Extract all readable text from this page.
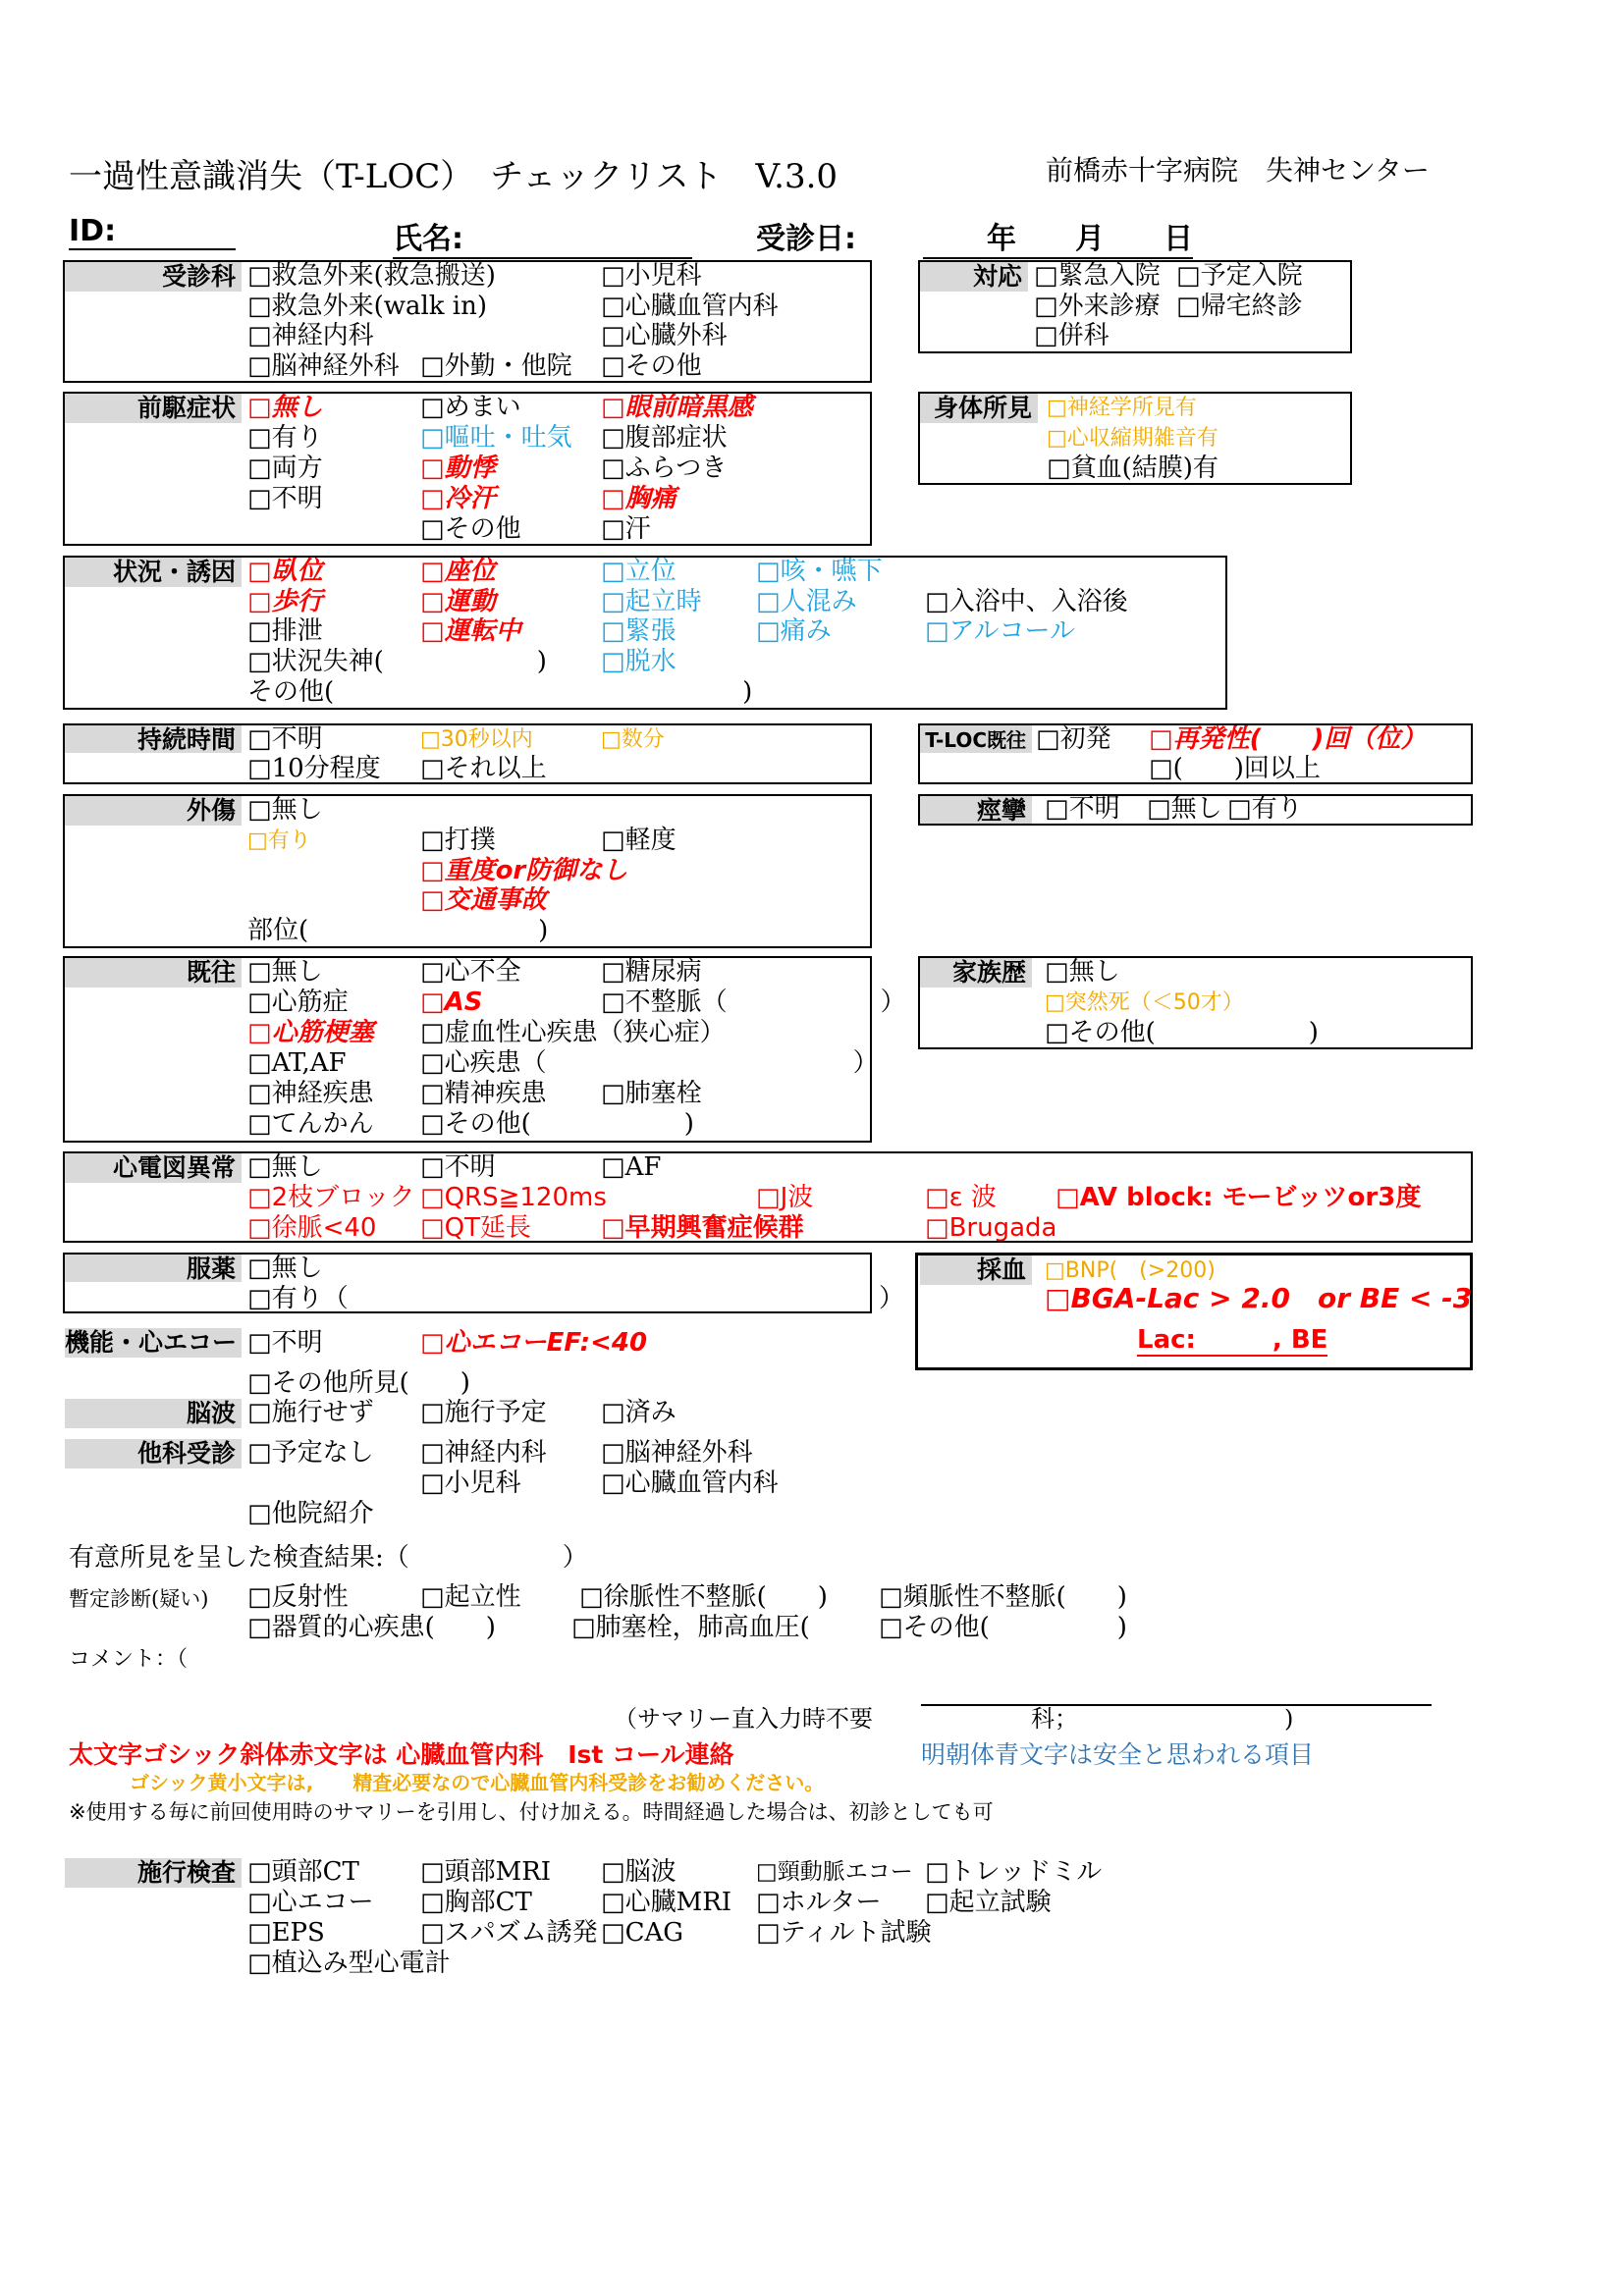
一過性意識消失（T-LOC）　チェックリスト　V.3.0	前橋赤十字病院　失神センター
ID:	氏名:	受診日:	年　　月　　日
受診科 □救急外来(救急搬送)	□小児科
□救急外来(walk in)	□心臓血管内科
□神経内科	□心臓外科
□脳神経外科 □外勤・他院 □その他
対応 □緊急入院 □予定入院
□外来診療 □帰宅終診
□併科
前駆症状 □無し	□めまい	□眼前暗黒感
□有り	□嘔吐・吐気 □腹部症状
□両方	□動悸	□ふらつき
□不明	□冷汗	□胸痛
□その他	□汗
身体所見 □神経学所見有
□心収縮期雑音有
□貧血(結膜)有
状況・誘因 □臥位	□座位	□立位	□咳・嚥下
□歩行	□運動	□起立時 □人混み	□入浴中、入浴後
□排泄	□運転中	□緊張	□痛み	□アルコール
□状況失神(　　　　　　) □脱水
その他(　　　　　　　　　　　　　　　　)
持続時間 □不明	□30秒以内	□数分
□10分程度 □それ以上
T-LOC既往 □初発 □再発性(　　)回（位）
□(　　)回以上
外傷 □無し
□有り	□打撲	□軽度
□重度or防御なし
□交通事故
部位(　　　　　　　　　)
痙攣 □不明 □無し □有り
既往 □無し	□心不全	□糖尿病
□心筋症	□AS	□不整脈（　　　　　　）
□心筋梗塞 □虚血性心疾患（狭心症）
□AT,AF	□心疾患（　　　　　　　　　　　　）
□神経疾患 □精神疾患 □肺塞栓
□てんかん □その他(　　　　　　)
家族歴 □無し
□突然死（＜50才）
□その他(　　　　　　)
心電図異常 □無し	□不明	□AF
□2枝ブロック □QRS≧120ms	□J波	□ε 波 □AV block: モービッツor3度
□徐脈<40 □QT延長	□早期興奮症候群	□Brugada
服薬 □無し
□有り（	）
採血 □BNP(　(>200)
□BGA-Lac > 2.0　or BE < -3
Lac:　　　, BE
機能・心エコー □不明	□心エコーEF:<40
□その他所見(　　)
脳波 □施行せず □施行予定 □済み
他科受診 □予定なし □神経内科 □脳神経外科
□小児科	□心臓血管内科
□他院紹介
有意所見を呈した検査結果:（　　　　　　）
暫定診断(疑い) □反射性	□起立性 □徐脈性不整脈(　　) □頻脈性不整脈(　　)
□器質的心疾患(　　)	□肺塞栓，肺高血圧(	□その他(　　　　　)
コメント：（
（サマリー直入力時不要	科；	)
太文字ゴシック斜体赤文字は 心臓血管内科　Ist コール連絡	明朝体青文字は安全と思われる項目
ゴシック黄小文字は,　　精査必要なので心臓血管内科受診をお勧めください。
※使用する毎に前回使用時のサマリーを引用し、付け加える。時間経過した場合は、初診としても可
施行検査 □頭部CT □頭部MRI □脳波	□頸動脈エコー □トレッドミル
□心エコー □胸部CT	□心臓MRI □ホルター □起立試験
□EPS	□スパズム誘発 □CAG	□ティルト試験
□植込み型心電計
